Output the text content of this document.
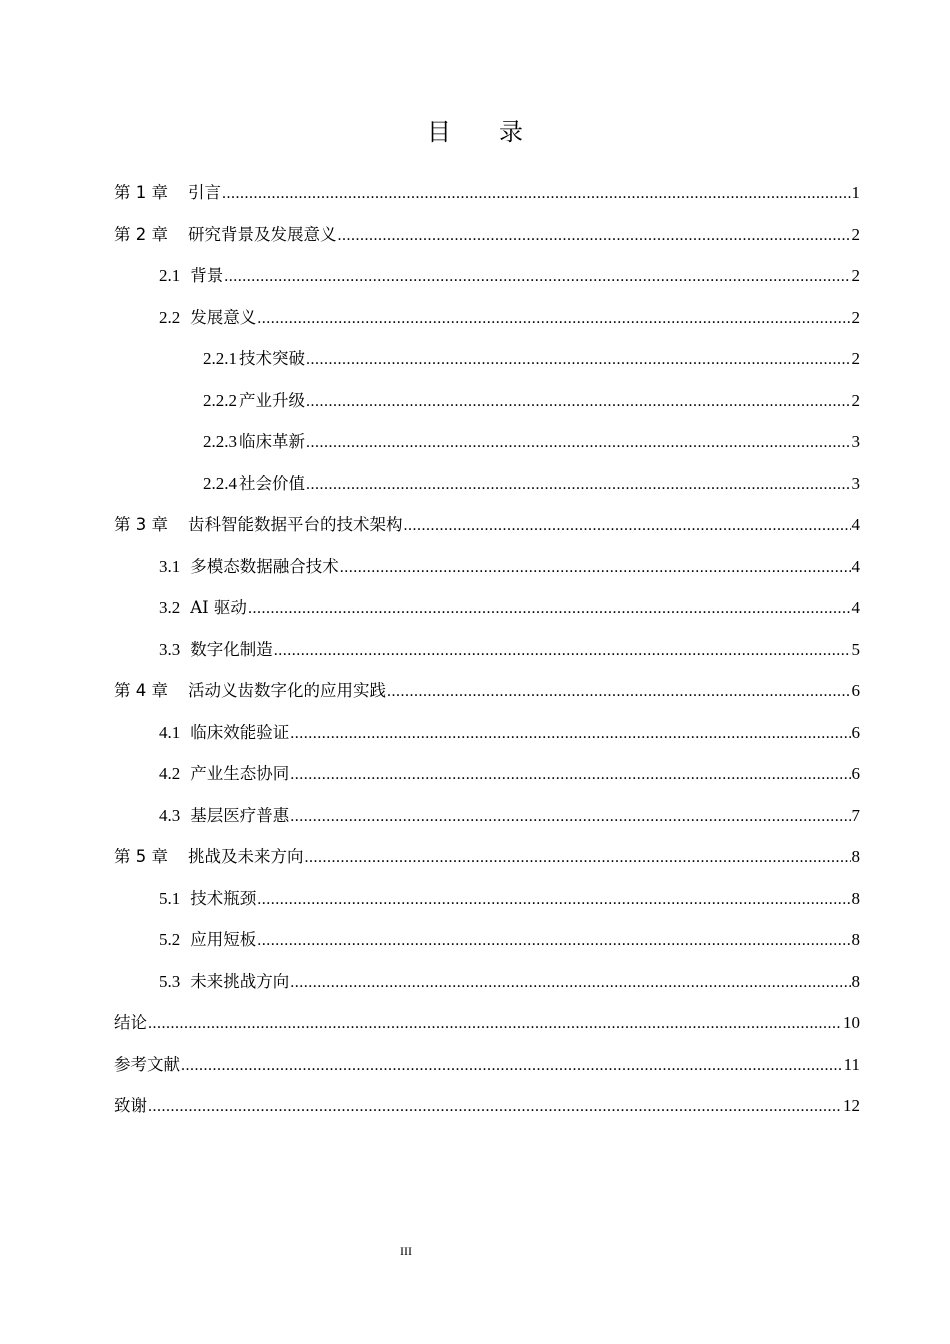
目　　录
第 1 章 引言 .....	1
第 2 章 研究背景及发展意义 .....	2
2.1 背景 .....	2
2.2 发展意义 .....	2
2.2.1 技术突破 .....	2
2.2.2 产业升级 .....	2
2.2.3 临床革新 .....	3
2.2.4 社会价值 .....	3
第 3 章 齿科智能数据平台的技术架构 .....	4
3.1 多模态数据融合技术 .....	4
3.2 AI 驱动 .....	4
3.3 数字化制造 .....	5
第 4 章 活动义齿数字化的应用实践 .....	6
4.1 临床效能验证 .....	6
4.2 产业生态协同 .....	6
4.3 基层医疗普惠 .....	7
第 5 章 挑战及未来方向 .....	8
5.1 技术瓶颈 .....	8
5.2 应用短板 .....	8
5.3 未来挑战方向 .....	8
结论 .....	10
参考文献 .....	11
致谢 .....	12
III
